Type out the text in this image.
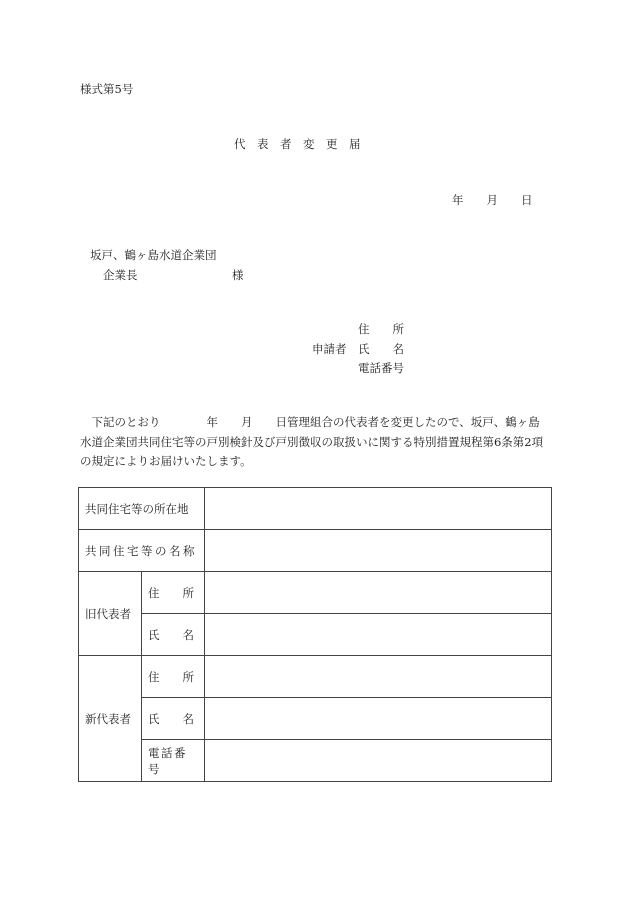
様式第5号
代　表　者　変　更　届
年　　月　　日
坂戸、鶴ヶ島水道企業団
企業長	様
申請者
住　　所
氏　　名
電話番号

　下記のとおり　　　　年　　月　　日管理組合の代表者を変更したので、坂戸、鶴ヶ島

水道企業団共同住宅等の戸別検針及び戸別徴収の取扱いに関する特別措置規程第6条第2項

の規定によりお届けいたします。

共同住宅等の所在地		
共同住宅等の名称		
旧代表者	住　　所	
	氏　　名	
新代表者	住　　所	
	氏　　名	
	電話番号	
